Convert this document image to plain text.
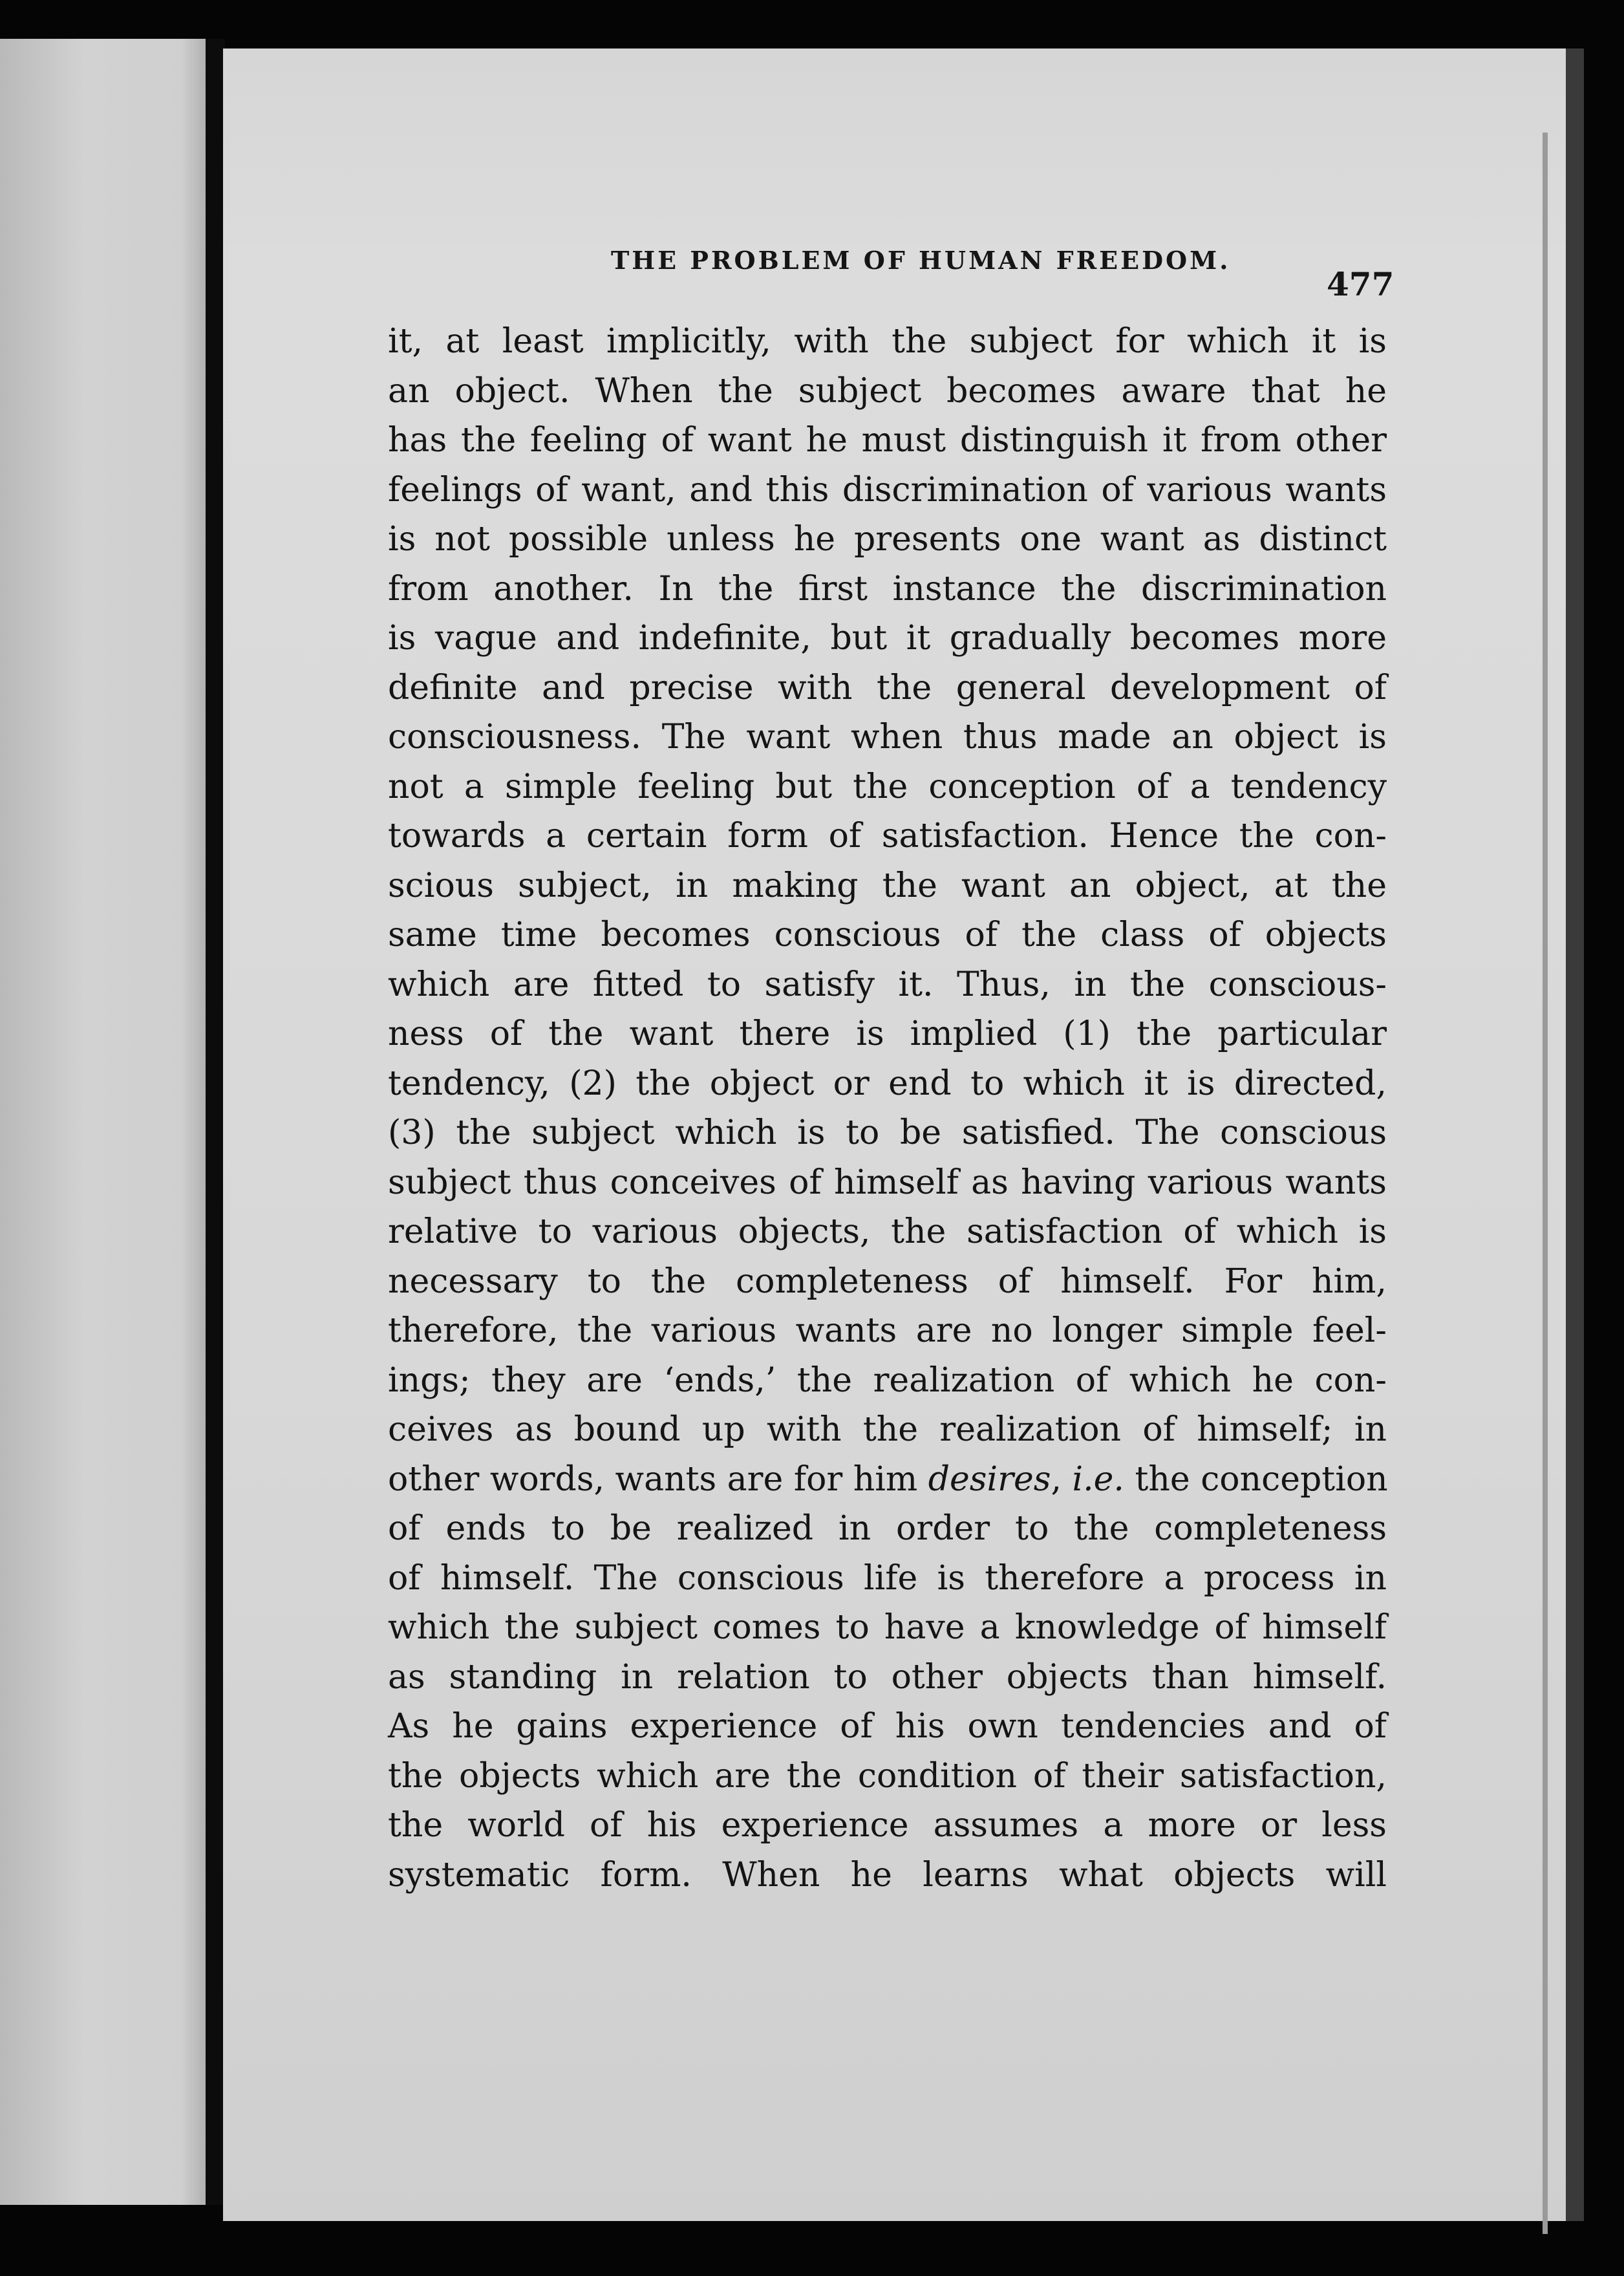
THE PROBLEM OF HUMAN FREEDOM.
477
it, at least implicitly, with the subject for which it is
an object. When the subject becomes aware that he
has the feeling of want he must distinguish it from other
feelings of want, and this discrimination of various wants
is not possible unless he presents one want as distinct
from another. In the first instance the discrimination
is vague and indefinite, but it gradually becomes more
definite and precise with the general development of
consciousness. The want when thus made an object is
not a simple feeling but the conception of a tendency
towards a certain form of satisfaction. Hence the con-
scious subject, in making the want an object, at the
same time becomes conscious of the class of objects
which are fitted to satisfy it. Thus, in the conscious-
ness of the want there is implied (1) the particular
tendency, (2) the object or end to which it is directed,
(3) the subject which is to be satisfied. The conscious
subject thus conceives of himself as having various wants
relative to various objects, the satisfaction of which is
necessary to the completeness of himself. For him,
therefore, the various wants are no longer simple feel-
ings; they are ‘ends,’ the realization of which he con-
ceives as bound up with the realization of himself; in
other words, wants are for him desires, i.e. the conception
of ends to be realized in order to the completeness
of himself. The conscious life is therefore a process in
which the subject comes to have a knowledge of himself
as standing in relation to other objects than himself.
As he gains experience of his own tendencies and of
the objects which are the condition of their satisfaction,
the world of his experience assumes a more or less
systematic form. When he learns what objects will
